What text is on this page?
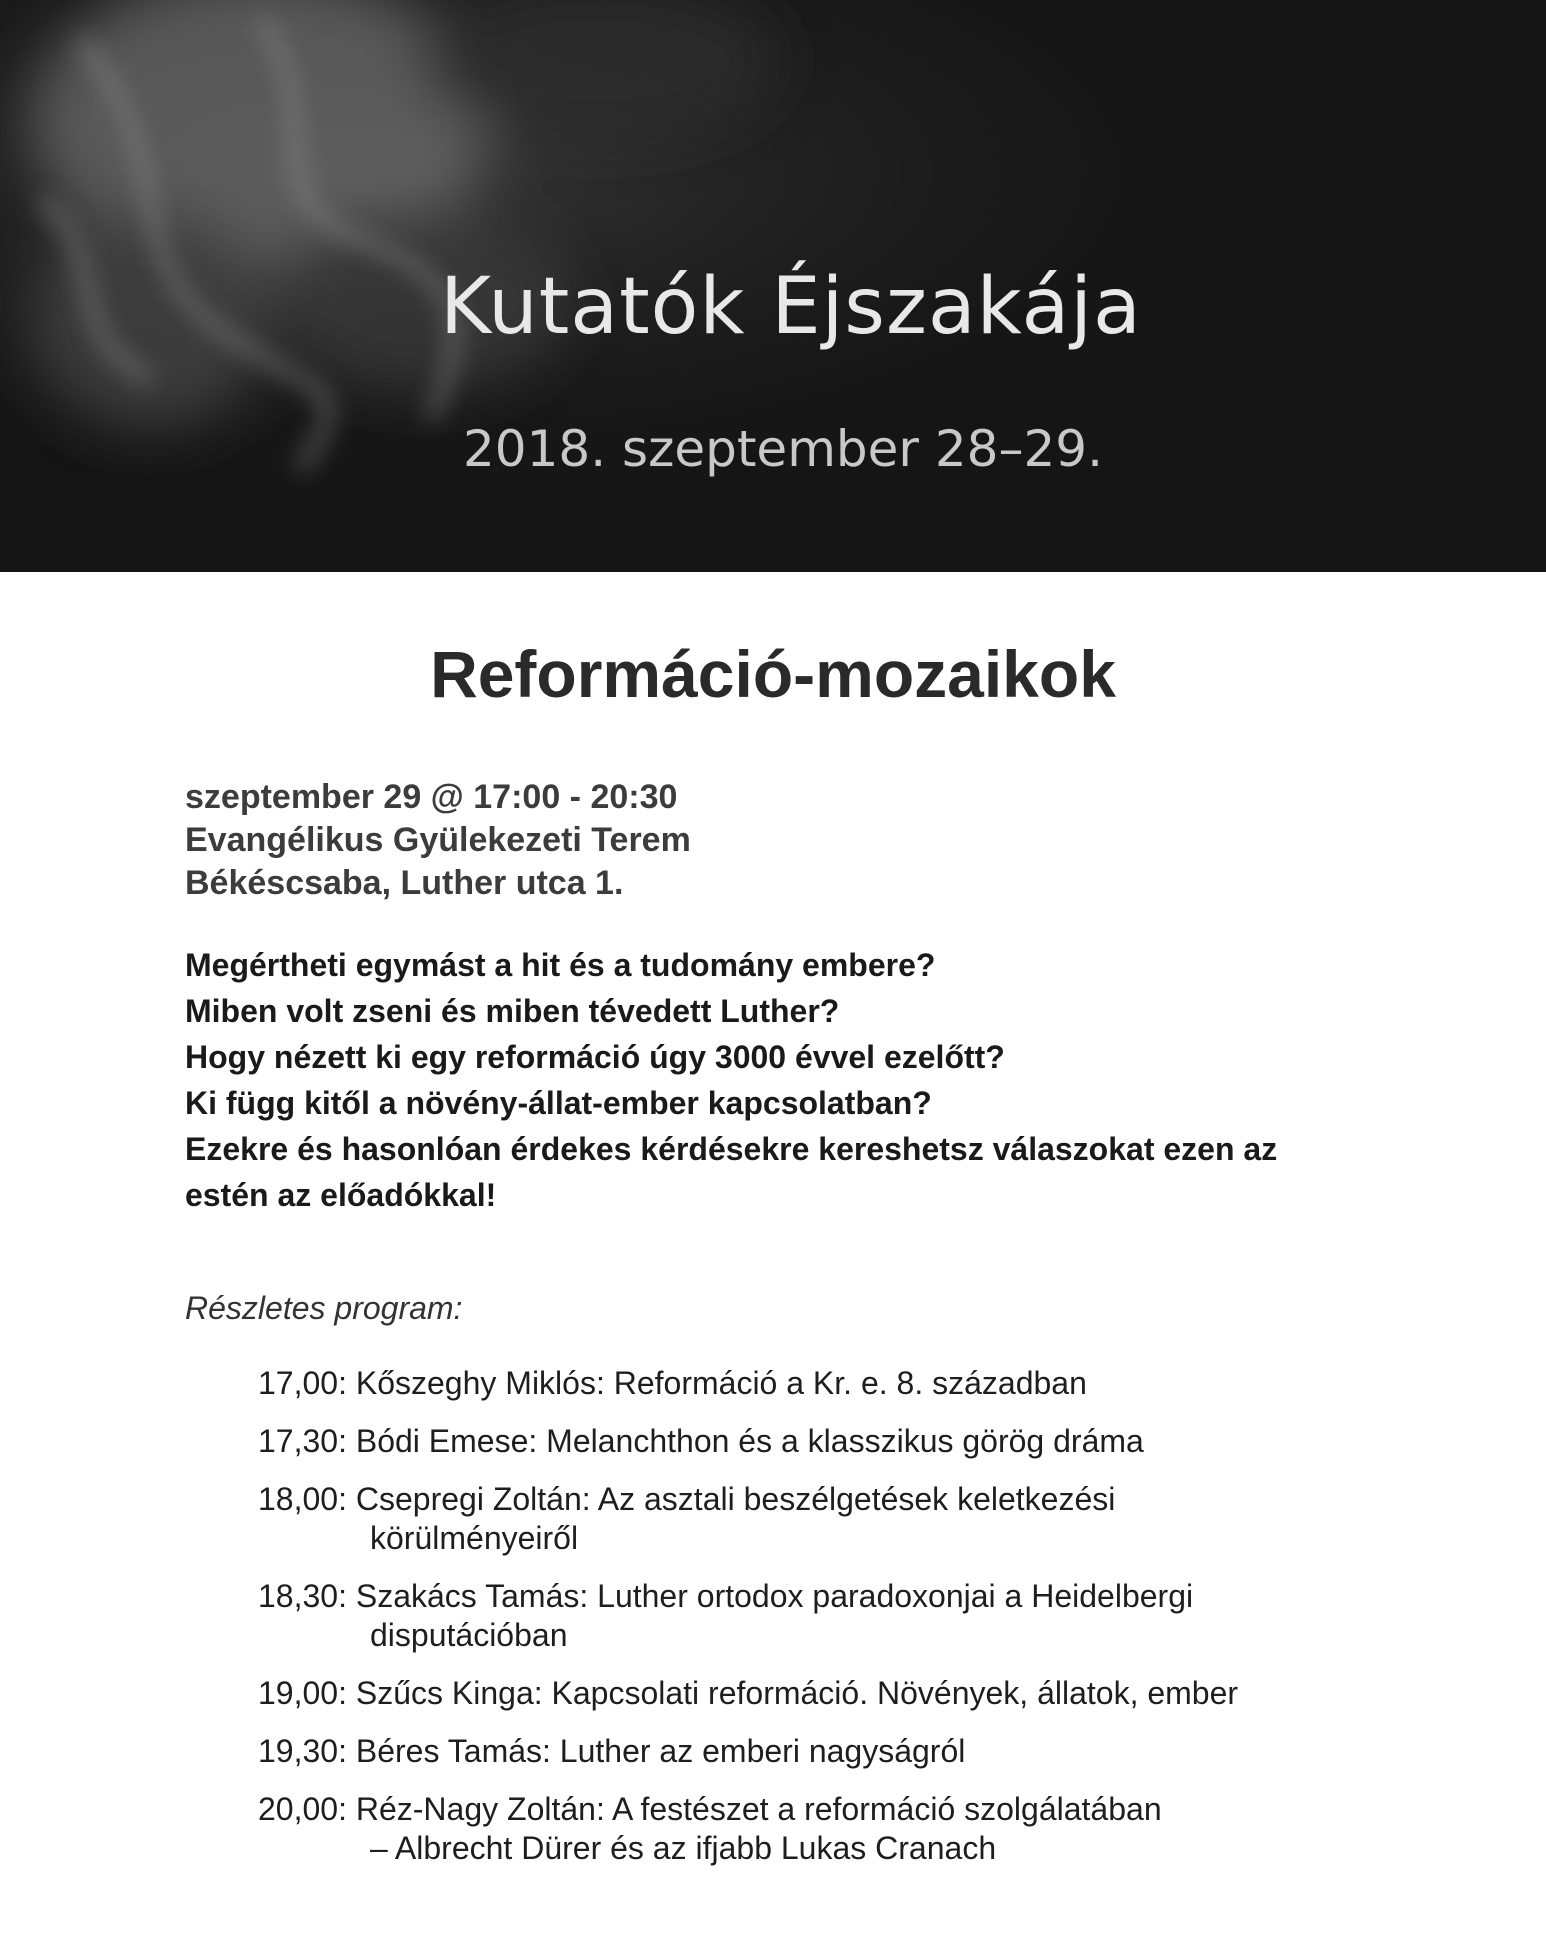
Kutatók Éjszakája
2018. szeptember 28–29.
Reformáció-mozaikok
szeptember 29 @ 17:00 - 20:30
Evangélikus Gyülekezeti Terem
Békéscsaba, Luther utca 1.
Megértheti egymást a hit és a tudomány embere?
Miben volt zseni és miben tévedett Luther?
Hogy nézett ki egy reformáció úgy 3000 évvel ezelőtt?
Ki függ kitől a növény-állat-ember kapcsolatban?
Ezekre és hasonlóan érdekes kérdésekre kereshetsz válaszokat ezen az
estén az előadókkal!
Részletes program:
17,00: Kőszeghy Miklós: Reformáció a Kr. e. 8. században
17,30: Bódi Emese: Melanchthon és a klasszikus görög dráma
18,00: Csepregi Zoltán: Az asztali beszélgetések keletkezési
körülményeiről
18,30: Szakács Tamás: Luther ortodox paradoxonjai a Heidelbergi
disputációban
19,00: Szűcs Kinga: Kapcsolati reformáció. Növények, állatok, ember
19,30: Béres Tamás: Luther az emberi nagyságról
20,00: Réz-Nagy Zoltán: A festészet a reformáció szolgálatában
– Albrecht Dürer és az ifjabb Lukas Cranach
